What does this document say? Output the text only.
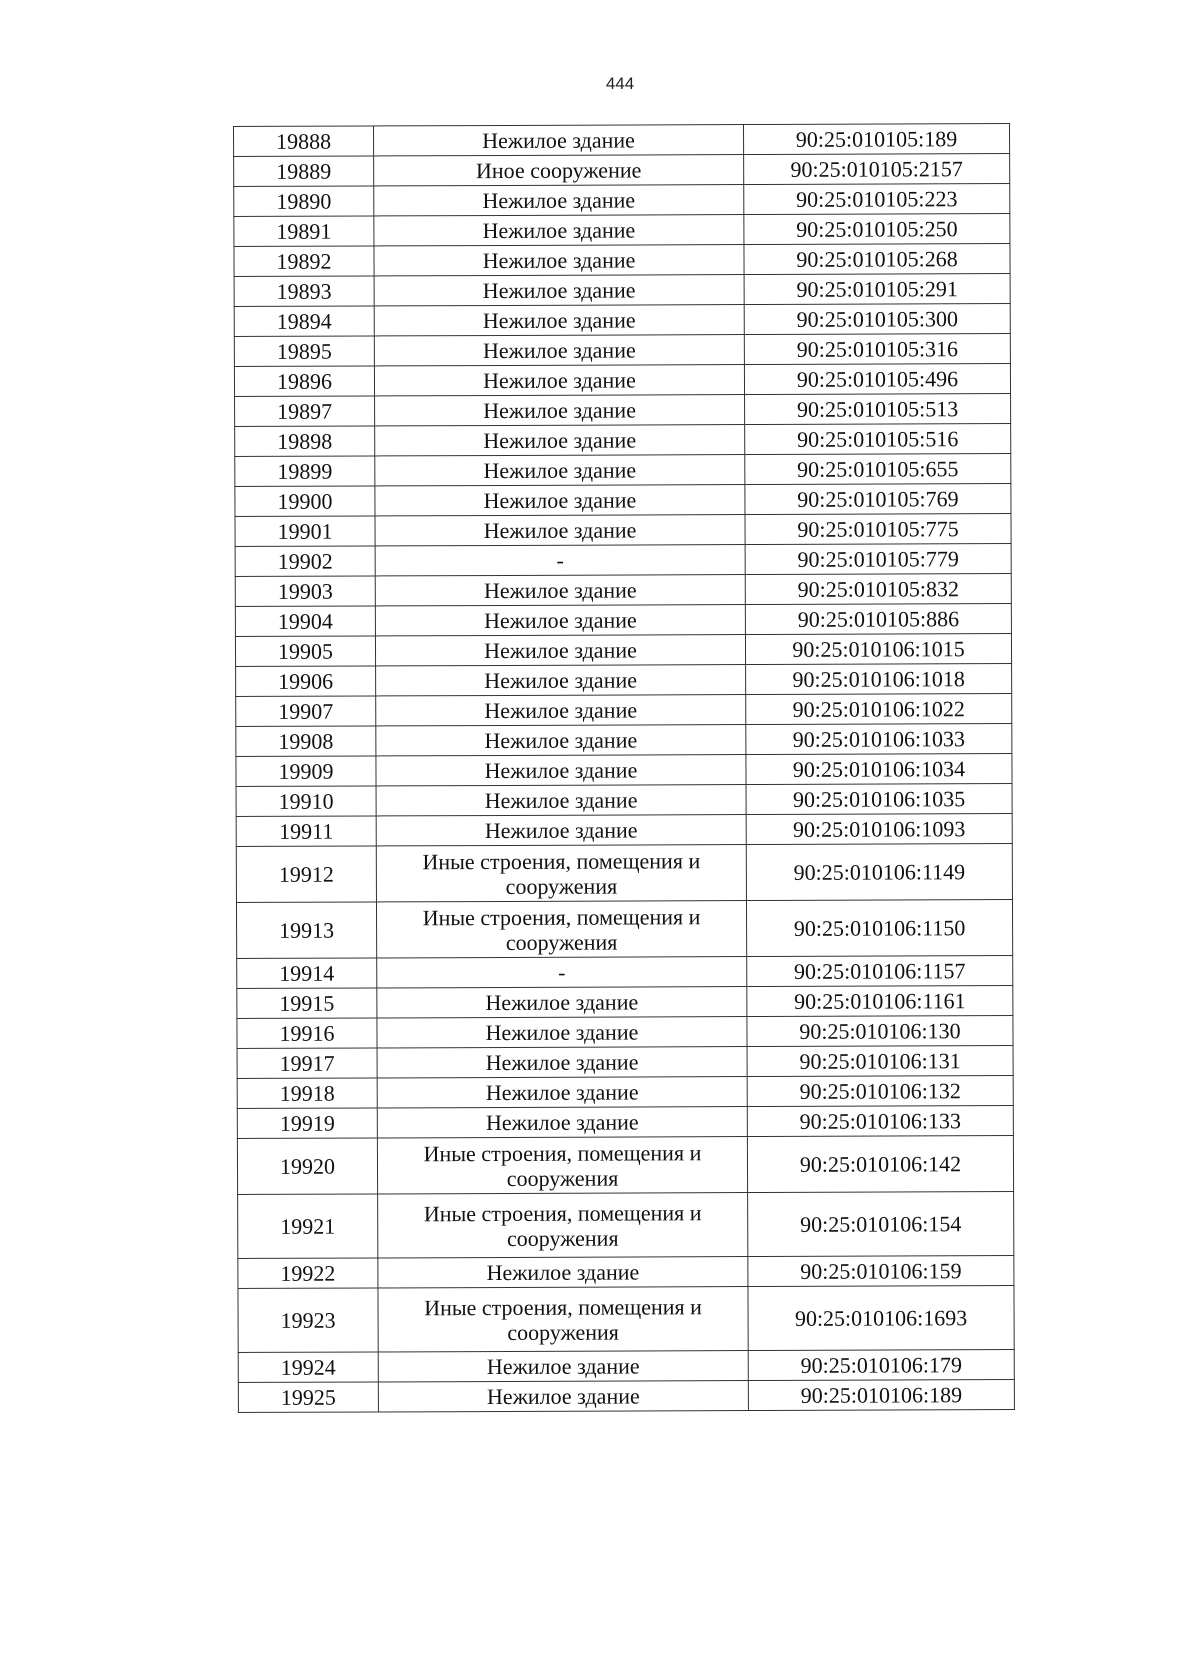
444
19888	Нежилое здание	90:25:010105:189
19889	Иное сооружение	90:25:010105:2157
19890	Нежилое здание	90:25:010105:223
19891	Нежилое здание	90:25:010105:250
19892	Нежилое здание	90:25:010105:268
19893	Нежилое здание	90:25:010105:291
19894	Нежилое здание	90:25:010105:300
19895	Нежилое здание	90:25:010105:316
19896	Нежилое здание	90:25:010105:496
19897	Нежилое здание	90:25:010105:513
19898	Нежилое здание	90:25:010105:516
19899	Нежилое здание	90:25:010105:655
19900	Нежилое здание	90:25:010105:769
19901	Нежилое здание	90:25:010105:775
19902	-	90:25:010105:779
19903	Нежилое здание	90:25:010105:832
19904	Нежилое здание	90:25:010105:886
19905	Нежилое здание	90:25:010106:1015
19906	Нежилое здание	90:25:010106:1018
19907	Нежилое здание	90:25:010106:1022
19908	Нежилое здание	90:25:010106:1033
19909	Нежилое здание	90:25:010106:1034
19910	Нежилое здание	90:25:010106:1035
19911	Нежилое здание	90:25:010106:1093
19912	Иные строения, помещения и сооружения	90:25:010106:1149
19913	Иные строения, помещения и сооружения	90:25:010106:1150
19914	-	90:25:010106:1157
19915	Нежилое здание	90:25:010106:1161
19916	Нежилое здание	90:25:010106:130
19917	Нежилое здание	90:25:010106:131
19918	Нежилое здание	90:25:010106:132
19919	Нежилое здание	90:25:010106:133
19920	Иные строения, помещения и сооружения	90:25:010106:142
19921	Иные строения, помещения и сооружения	90:25:010106:154
19922	Нежилое здание	90:25:010106:159
19923	Иные строения, помещения и сооружения	90:25:010106:1693
19924	Нежилое здание	90:25:010106:179
19925	Нежилое здание	90:25:010106:189
